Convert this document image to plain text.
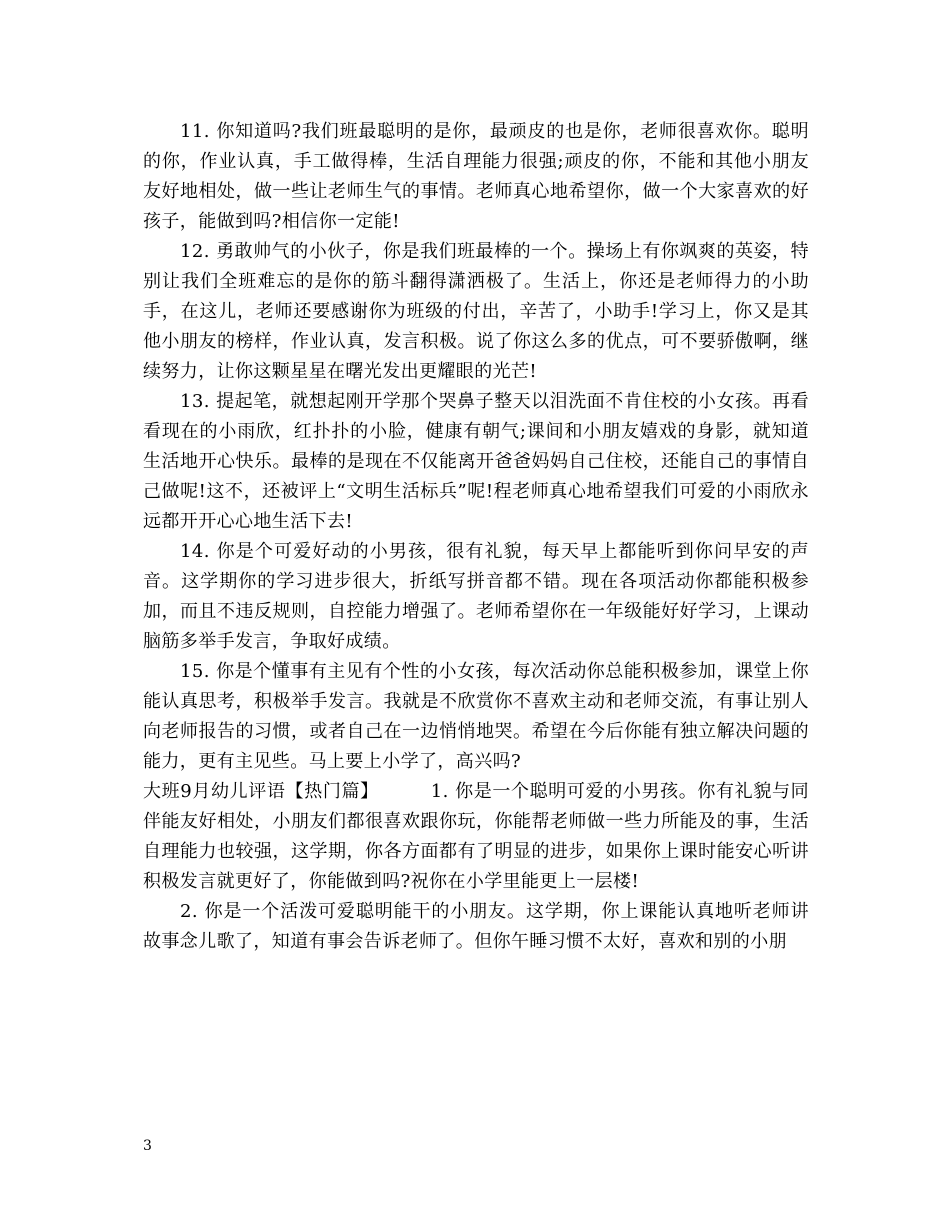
11. 你知道吗?我们班最聪明的是你，最顽皮的也是你，老师很喜欢你。聪明的你，作业认真，手工做得棒，生活自理能力很强;顽皮的你，不能和其他小朋友友好地相处，做一些让老师生气的事情。老师真心地希望你，做一个大家喜欢的好孩子，能做到吗?相信你一定能!

12. 勇敢帅气的小伙子，你是我们班最棒的一个。操场上有你飒爽的英姿，特别让我们全班难忘的是你的筋斗翻得潇洒极了。生活上，你还是老师得力的小助手，在这儿，老师还要感谢你为班级的付出，辛苦了，小助手!学习上，你又是其他小朋友的榜样，作业认真，发言积极。说了你这么多的优点，可不要骄傲啊，继续努力，让你这颗星星在曙光发出更耀眼的光芒!

13. 提起笔，就想起刚开学那个哭鼻子整天以泪洗面不肯住校的小女孩。再看看现在的小雨欣，红扑扑的小脸，健康有朝气;课间和小朋友嬉戏的身影，就知道生活地开心快乐。最棒的是现在不仅能离开爸爸妈妈自己住校，还能自己的事情自己做呢!这不，还被评上“文明生活标兵”呢!程老师真心地希望我们可爱的小雨欣永远都开开心心地生活下去!

14. 你是个可爱好动的小男孩，很有礼貌，每天早上都能听到你问早安的声音。这学期你的学习进步很大，折纸写拼音都不错。现在各项活动你都能积极参加，而且不违反规则，自控能力增强了。老师希望你在一年级能好好学习，上课动脑筋多举手发言，争取好成绩。

15. 你是个懂事有主见有个性的小女孩，每次活动你总能积极参加，课堂上你能认真思考，积极举手发言。我就是不欣赏你不喜欢主动和老师交流，有事让别人向老师报告的习惯，或者自己在一边悄悄地哭。希望在今后你能有独立解决问题的能力，更有主见些。马上要上小学了，高兴吗?

大班9月幼儿评语【热门篇】	1. 你是一个聪明可爱的小男孩。你有礼貌与同伴能友好相处，小朋友们都很喜欢跟你玩，你能帮老师做一些力所能及的事，生活自理能力也较强，这学期，你各方面都有了明显的进步，如果你上课时能安心听讲积极发言就更好了，你能做到吗?祝你在小学里能更上一层楼!

2. 你是一个活泼可爱聪明能干的小朋友。这学期，你上课能认真地听老师讲故事念儿歌了，知道有事会告诉老师了。但你午睡习惯不太好，喜欢和别的小朋

3
